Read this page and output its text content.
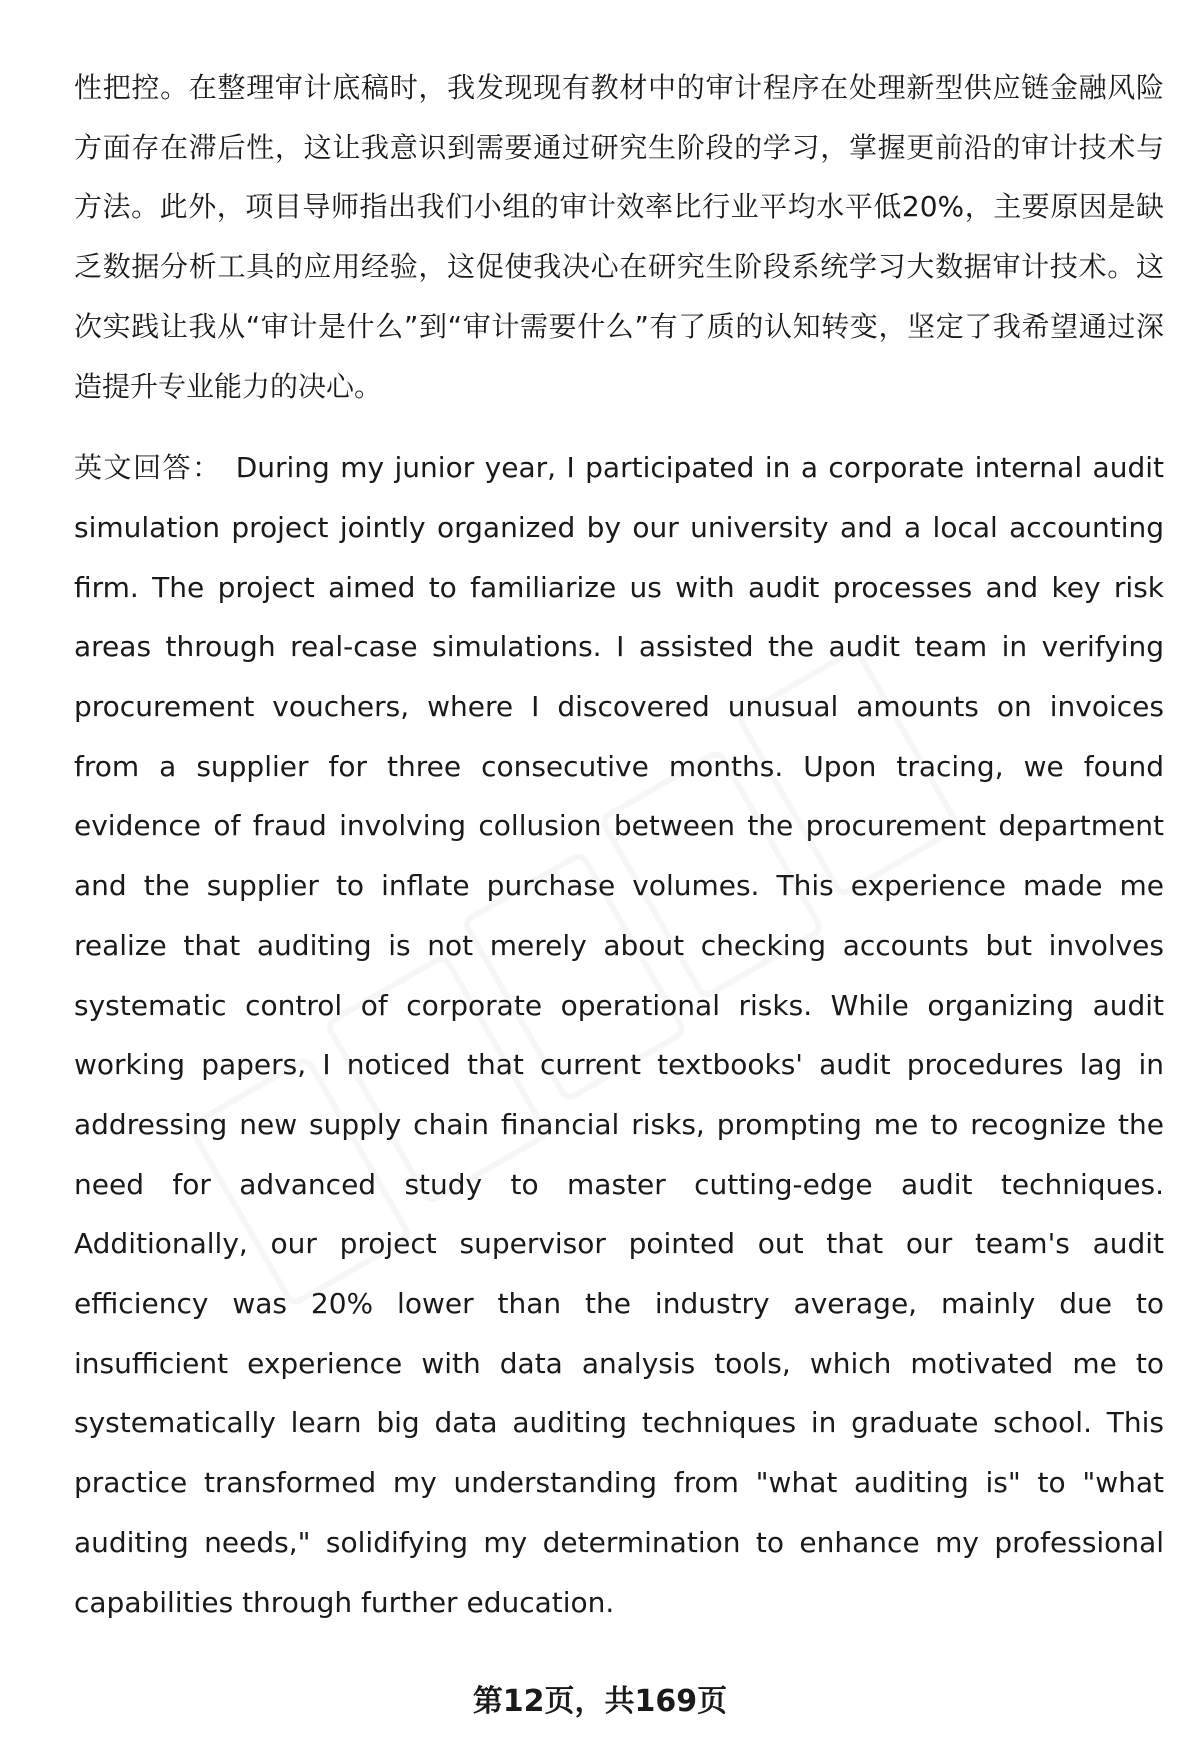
性把控。在整理审计底稿时，我发现现有教材中的审计程序在处理新型供应链金融风险方面存在滞后性，这让我意识到需要通过研究生阶段的学习，掌握更前沿的审计技术与方法。此外，项目导师指出我们小组的审计效率比行业平均水平低20%，主要原因是缺乏数据分析工具的应用经验，这促使我决心在研究生阶段系统学习大数据审计技术。这次实践让我从“审计是什么”到“审计需要什么”有了质的认知转变，坚定了我希望通过深造提升专业能力的决心。

英文回答： During my junior year, I participated in a corporate internal audit simulation project jointly organized by our university and a local accounting firm. The project aimed to familiarize us with audit processes and key risk areas through real-case simulations. I assisted the audit team in verifying procurement vouchers, where I discovered unusual amounts on invoices from a supplier for three consecutive months. Upon tracing, we found evidence of fraud involving collusion between the procurement department and the supplier to inflate purchase volumes. This experience made me realize that auditing is not merely about checking accounts but involves systematic control of corporate operational risks. While organizing audit working papers, I noticed that current textbooks' audit procedures lag in addressing new supply chain financial risks, prompting me to recognize the need for advanced study to master cutting-edge audit techniques. Additionally, our project supervisor pointed out that our team's audit efficiency was 20% lower than the industry average, mainly due to insufficient experience with data analysis tools, which motivated me to systematically learn big data auditing techniques in graduate school. This practice transformed my understanding from "what auditing is" to "what auditing needs," solidifying my determination to enhance my professional capabilities through further education.

第12页，共169页
